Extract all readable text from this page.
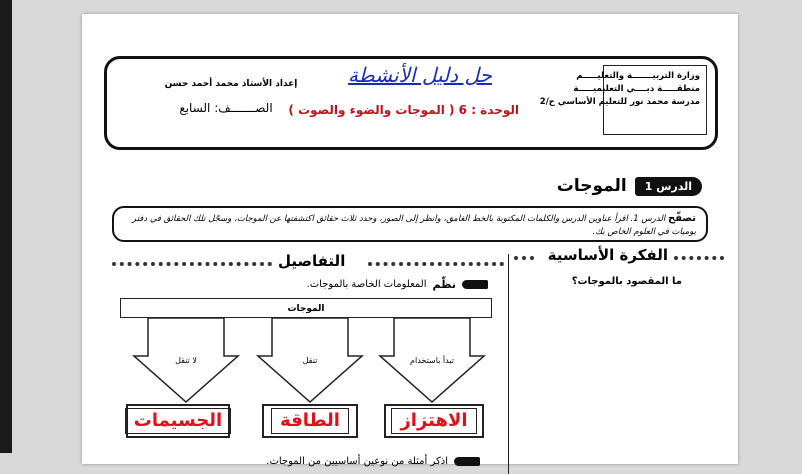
وزارة التربيـــــــة والتعليـــــم
منطقـــــة دبــــي التعليميـــــة
مدرسة محمد نور للتعليم الأساسي ح/2
حل دليل الأنشطة
الوحدة : 6 ( الموجات والضوء والصوت )
إعداد الأستاذ محمد أحمد حسن
الصـــــــف: السابع
الدرس 1
الموجات
تصفّح الدرس 1. اقرأ عناوين الدرس والكلمات المكتوبة بالخط الغامق، وانظر إلى الصور، وحدد ثلاث حقائق اكتشفتها عن الموجات، وسجّل تلك الحقائق في دفتر يوميات في العلوم الخاص بك.
الفكرة الأساسية
التفاصيل
ما المقصود بالموجات؟
نظّم
المعلومات الخاصة بالموجات.
الموجات
تبدأ باستخدام
تنقل
لا تنقل
الاهتزاز
الطاقة
الجسيمات
اذكر أمثلة من نوعين أساسيين من الموجات.
